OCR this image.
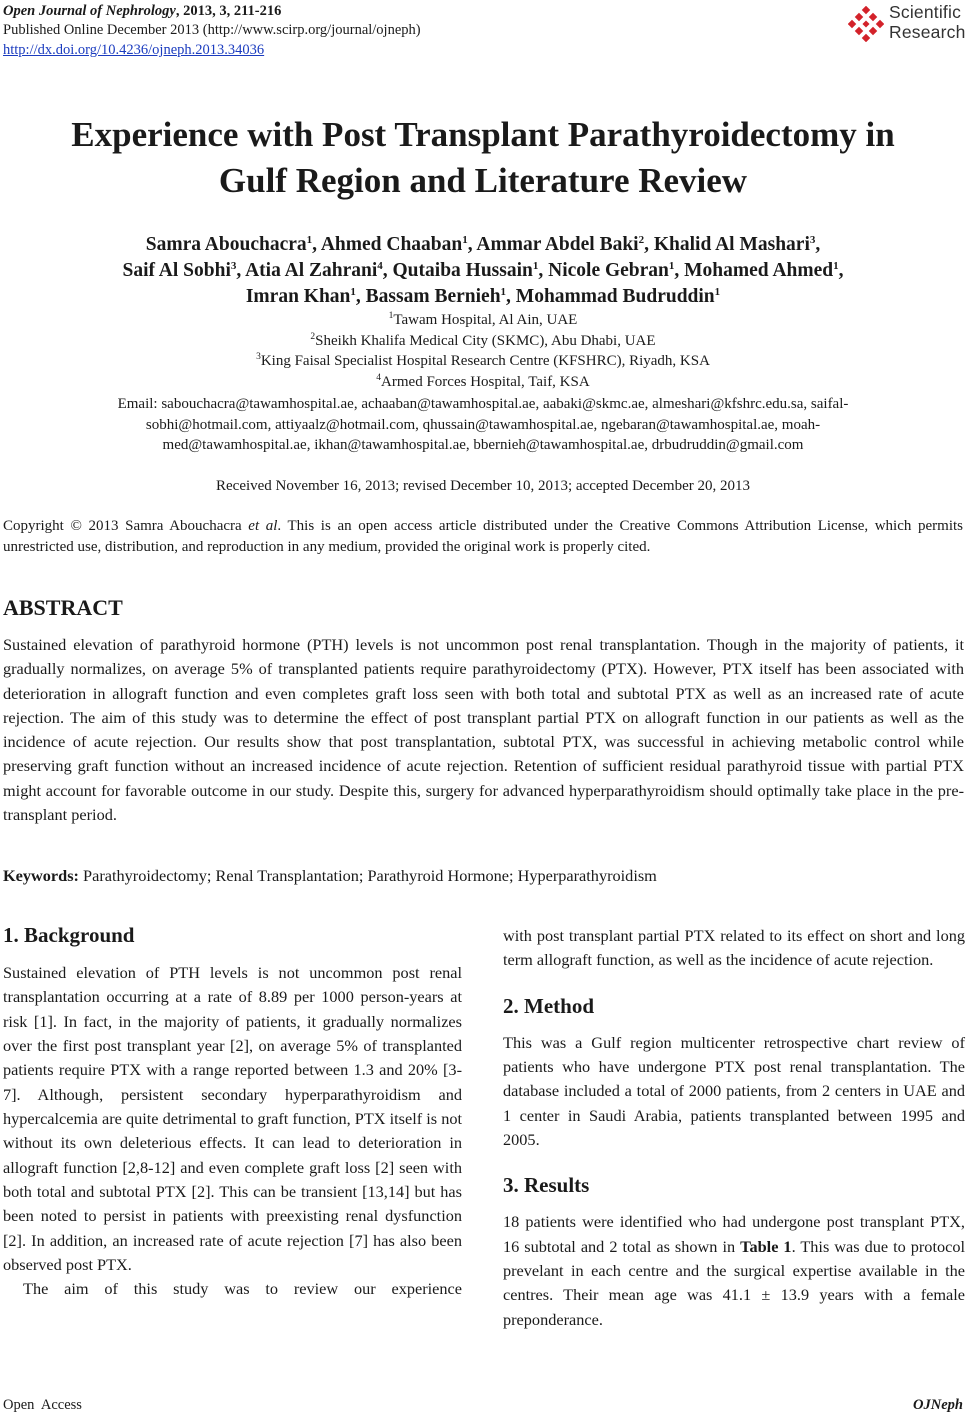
Open Journal of Nephrology, 2013, 3, 211-216
Published Online December 2013 (http://www.scirp.org/journal/ojneph)
http://dx.doi.org/10.4236/ojneph.2013.34036
Scientific
Research
Experience with Post Transplant Parathyroidectomy in
Gulf Region and Literature Review
Samra Abouchacra$^1$, Ahmed Chaaban$^1$, Ammar Abdel Baki$^2$, Khalid Al Mashari$^3$,
Saif Al Sobhi$^3$, Atia Al Zahrani$^4$, Qutaiba Hussain$^1$, Nicole Gebran$^1$, Mohamed Ahmed$^1$,
Imran Khan$^1$, Bassam Bernieh$^1$, Mohammad Budruddin$^1$
$^1$Tawam Hospital, Al Ain, UAE
$^2$Sheikh Khalifa Medical City (SKMC), Abu Dhabi, UAE
$^3$King Faisal Specialist Hospital Research Centre (KFSHRC), Riyadh, KSA
$^4$Armed Forces Hospital, Taif, KSA
Email: sabouchacra@tawamhospital.ae, achaaban@tawamhospital.ae, aabaki@skmc.ae, almeshari@kfshrc.edu.sa, saifal-
sobhi@hotmail.com, attiyaalz@hotmail.com, qhussain@tawamhospital.ae, ngebaran@tawamhospital.ae, moah-
med@tawamhospital.ae, ikhan@tawamhospital.ae, bbernieh@tawamhospital.ae, drbudruddin@gmail.com
Received November 16, 2013; revised December 10, 2013; accepted December 20, 2013
Copyright © 2013 Samra Abouchacra et al. This is an open access article distributed under the Creative Commons Attribution License, which permits unrestricted use, distribution, and reproduction in any medium, provided the original work is properly cited.
ABSTRACT
Sustained elevation of parathyroid hormone (PTH) levels is not uncommon post renal transplantation. Though in the majority of patients, it gradually normalizes, on average 5% of transplanted patients require parathyroidectomy (PTX). However, PTX itself has been associated with deterioration in allograft function and even completes graft loss seen with both total and subtotal PTX as well as an increased rate of acute rejection. The aim of this study was to determine the effect of post transplant partial PTX on allograft function in our patients as well as the incidence of acute rejection. Our results show that post transplantation, subtotal PTX, was successful in achieving metabolic control while preserving graft function without an increased incidence of acute rejection. Retention of sufficient residual parathyroid tissue with partial PTX might account for favorable outcome in our study. Despite this, surgery for advanced hyperparathyroidism should optimally take place in the pre-transplant period.
Keywords: Parathyroidectomy; Renal Transplantation; Parathyroid Hormone; Hyperparathyroidism
1. Background

Sustained elevation of PTH levels is not uncommon post renal transplantation occurring at a rate of 8.89 per 1000 person-years at risk [1]. In fact, in the majority of patients, it gradually normalizes over the first post transplant year [2], on average 5% of transplanted patients require PTX with a range reported between 1.3 and 20% [3-7]. Although, persistent secondary hyperparathyroidism and hypercalcemia are quite detrimental to graft function, PTX itself is not without its own deleterious effects. It can lead to deterioration in allograft function [2,8-12] and even complete graft loss [2] seen with both total and subtotal PTX [2]. This can be transient [13,14] but has been noted to persist in patients with preexisting renal dysfunction [2]. In addition, an increased rate of acute rejection [7] has also been observed post PTX.

The aim of this study was to review our experience

with post transplant partial PTX related to its effect on short and long term allograft function, as well as the incidence of acute rejection.

2. Method

This was a Gulf region multicenter retrospective chart review of patients who have undergone PTX post renal transplantation. The database included a total of 2000 patients, from 2 centers in UAE and 1 center in Saudi Arabia, patients transplanted between 1995 and 2005.

3. Results

18 patients were identified who had undergone post transplant PTX, 16 subtotal and 2 total as shown in Table 1. This was due to protocol prevelant in each centre and the surgical expertise available in the centres. Their mean age was 41.1 ± 13.9 years with a female preponderance.

Open  Access	OJNeph
